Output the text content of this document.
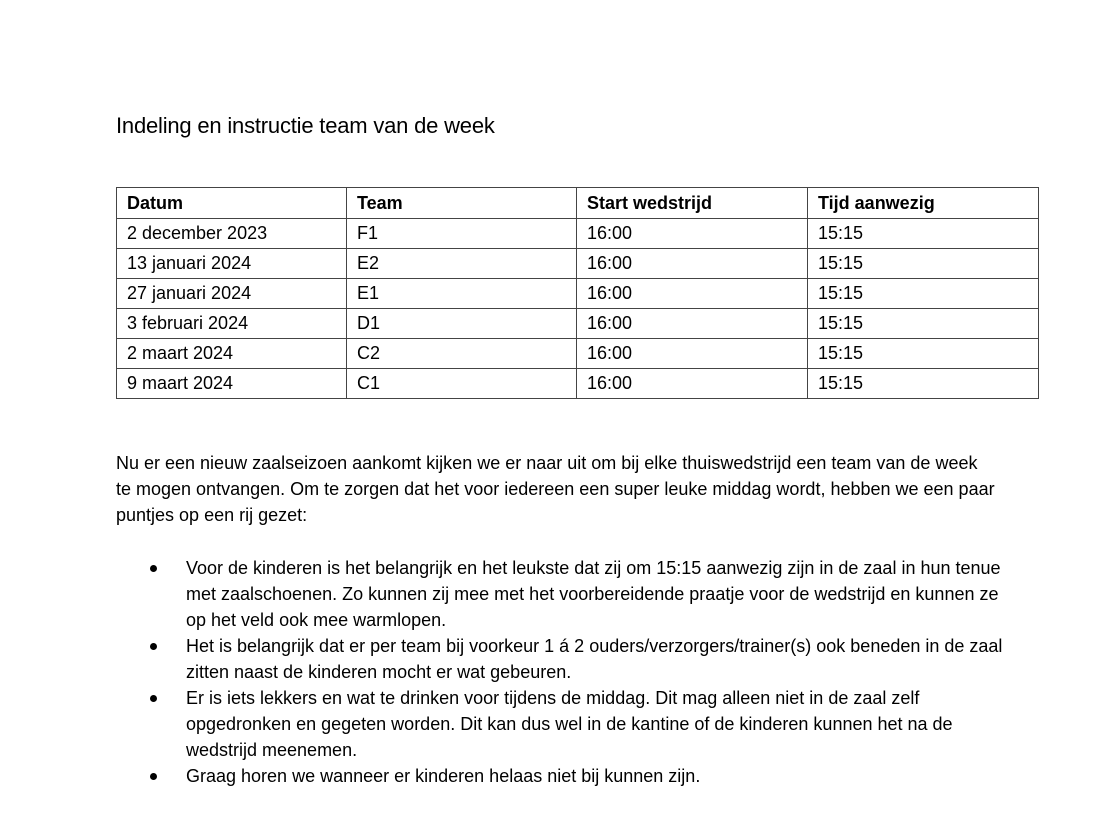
Indeling en instructie team van de week
Datum	Team	Start wedstrijd	Tijd aanwezig
2 december 2023	F1	16:00	15:15
13 januari 2024	E2	16:00	15:15
27 januari 2024	E1	16:00	15:15
3 februari 2024	D1	16:00	15:15
2 maart 2024	C2	16:00	15:15
9 maart 2024	C1	16:00	15:15

Nu er een nieuw zaalseizoen aankomt kijken we er naar uit om bij elke thuiswedstrijd een team van de week te mogen ontvangen. Om te zorgen dat het voor iedereen een super leuke middag wordt, hebben we een paar puntjes op een rij gezet:

Voor de kinderen is het belangrijk en het leukste dat zij om 15:15 aanwezig zijn in de zaal in hun tenue met zaalschoenen. Zo kunnen zij mee met het voorbereidende praatje voor de wedstrijd en kunnen ze op het veld ook mee warmlopen.
Het is belangrijk dat er per team bij voorkeur 1 á 2 ouders/verzorgers/trainer(s) ook beneden in de zaal zitten naast de kinderen mocht er wat gebeuren.
Er is iets lekkers en wat te drinken voor tijdens de middag. Dit mag alleen niet in de zaal zelf opgedronken en gegeten worden. Dit kan dus wel in de kantine of de kinderen kunnen het na de wedstrijd meenemen.
Graag horen we wanneer er kinderen helaas niet bij kunnen zijn.
